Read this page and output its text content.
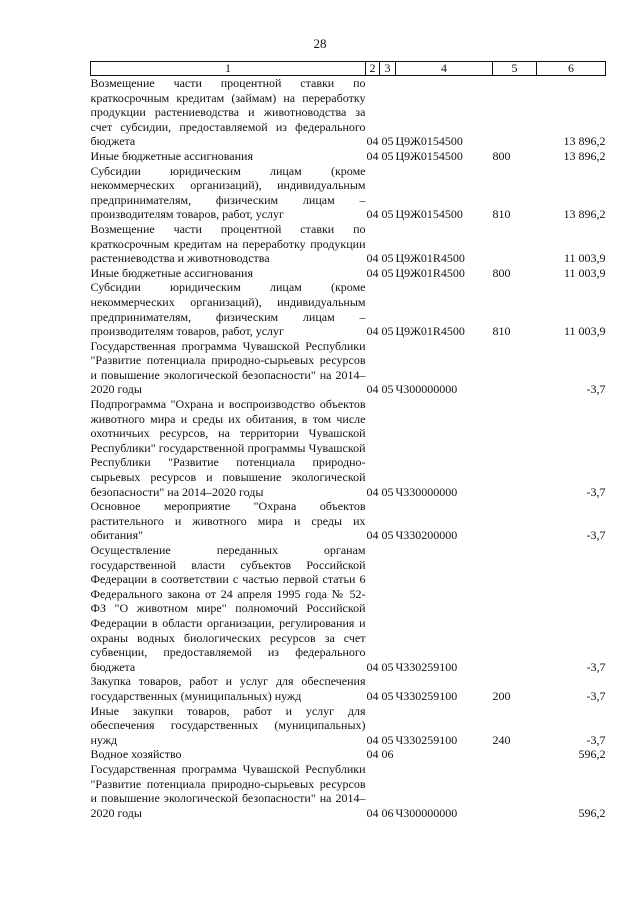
28
1	2	3	4	5	6
Возмещение части процентной ставки по краткосрочным кредитам (займам) на переработку продукции растениеводства и животноводства за счет субсидии, предоставляемой из федерального бюджета	04	05	Ц9Ж0154500		13 896,2
Иные бюджетные ассигнования	04	05	Ц9Ж0154500	800	13 896,2
Субсидии юридическим лицам (кроме некоммерческих организаций), индивидуальным предпринимателям, физическим лицам – производителям товаров, работ, услуг	04	05	Ц9Ж0154500	810	13 896,2
Возмещение части процентной ставки по краткосрочным кредитам на переработку продукции растениеводства и животноводства	04	05	Ц9Ж01R4500		11 003,9
Иные бюджетные ассигнования	04	05	Ц9Ж01R4500	800	11 003,9
Субсидии юридическим лицам (кроме некоммерческих организаций), индивидуальным предпринимателям, физическим лицам – производителям товаров, работ, услуг	04	05	Ц9Ж01R4500	810	11 003,9
Государственная программа Чувашской Республики "Развитие потенциала природно-сырьевых ресурсов и повышение экологической безопасности" на 2014–2020 годы	04	05	Ч300000000		-3,7
Подпрограмма "Охрана и воспроизводство объектов животного мира и среды их обитания, в том числе охотничьих ресурсов, на территории Чувашской Республики" государственной программы Чувашской Республики "Развитие потенциала природно-сырьевых ресурсов и повышение экологической безопасности" на 2014–2020 годы	04	05	Ч330000000		-3,7
Основное мероприятие "Охрана объектов растительного и животного мира и среды их обитания"	04	05	Ч330200000		-3,7
Осуществление переданных органам государственной власти субъектов Российской Федерации в соответствии с частью первой статьи 6 Федерального закона от 24 апреля 1995 года № 52-ФЗ "О животном мире" полномочий Российской Федерации в области организации, регулирования и охраны водных биологических ресурсов за счет субвенции, предоставляемой из федерального бюджета	04	05	Ч330259100		-3,7
Закупка товаров, работ и услуг для обеспечения государственных (муниципальных) нужд	04	05	Ч330259100	200	-3,7
Иные закупки товаров, работ и услуг для обеспечения государственных (муниципальных) нужд	04	05	Ч330259100	240	-3,7
Водное хозяйство	04	06			596,2
Государственная программа Чувашской Республики "Развитие потенциала природно-сырьевых ресурсов и повышение экологической безопасности" на 2014–2020 годы	04	06	Ч300000000		596,2
